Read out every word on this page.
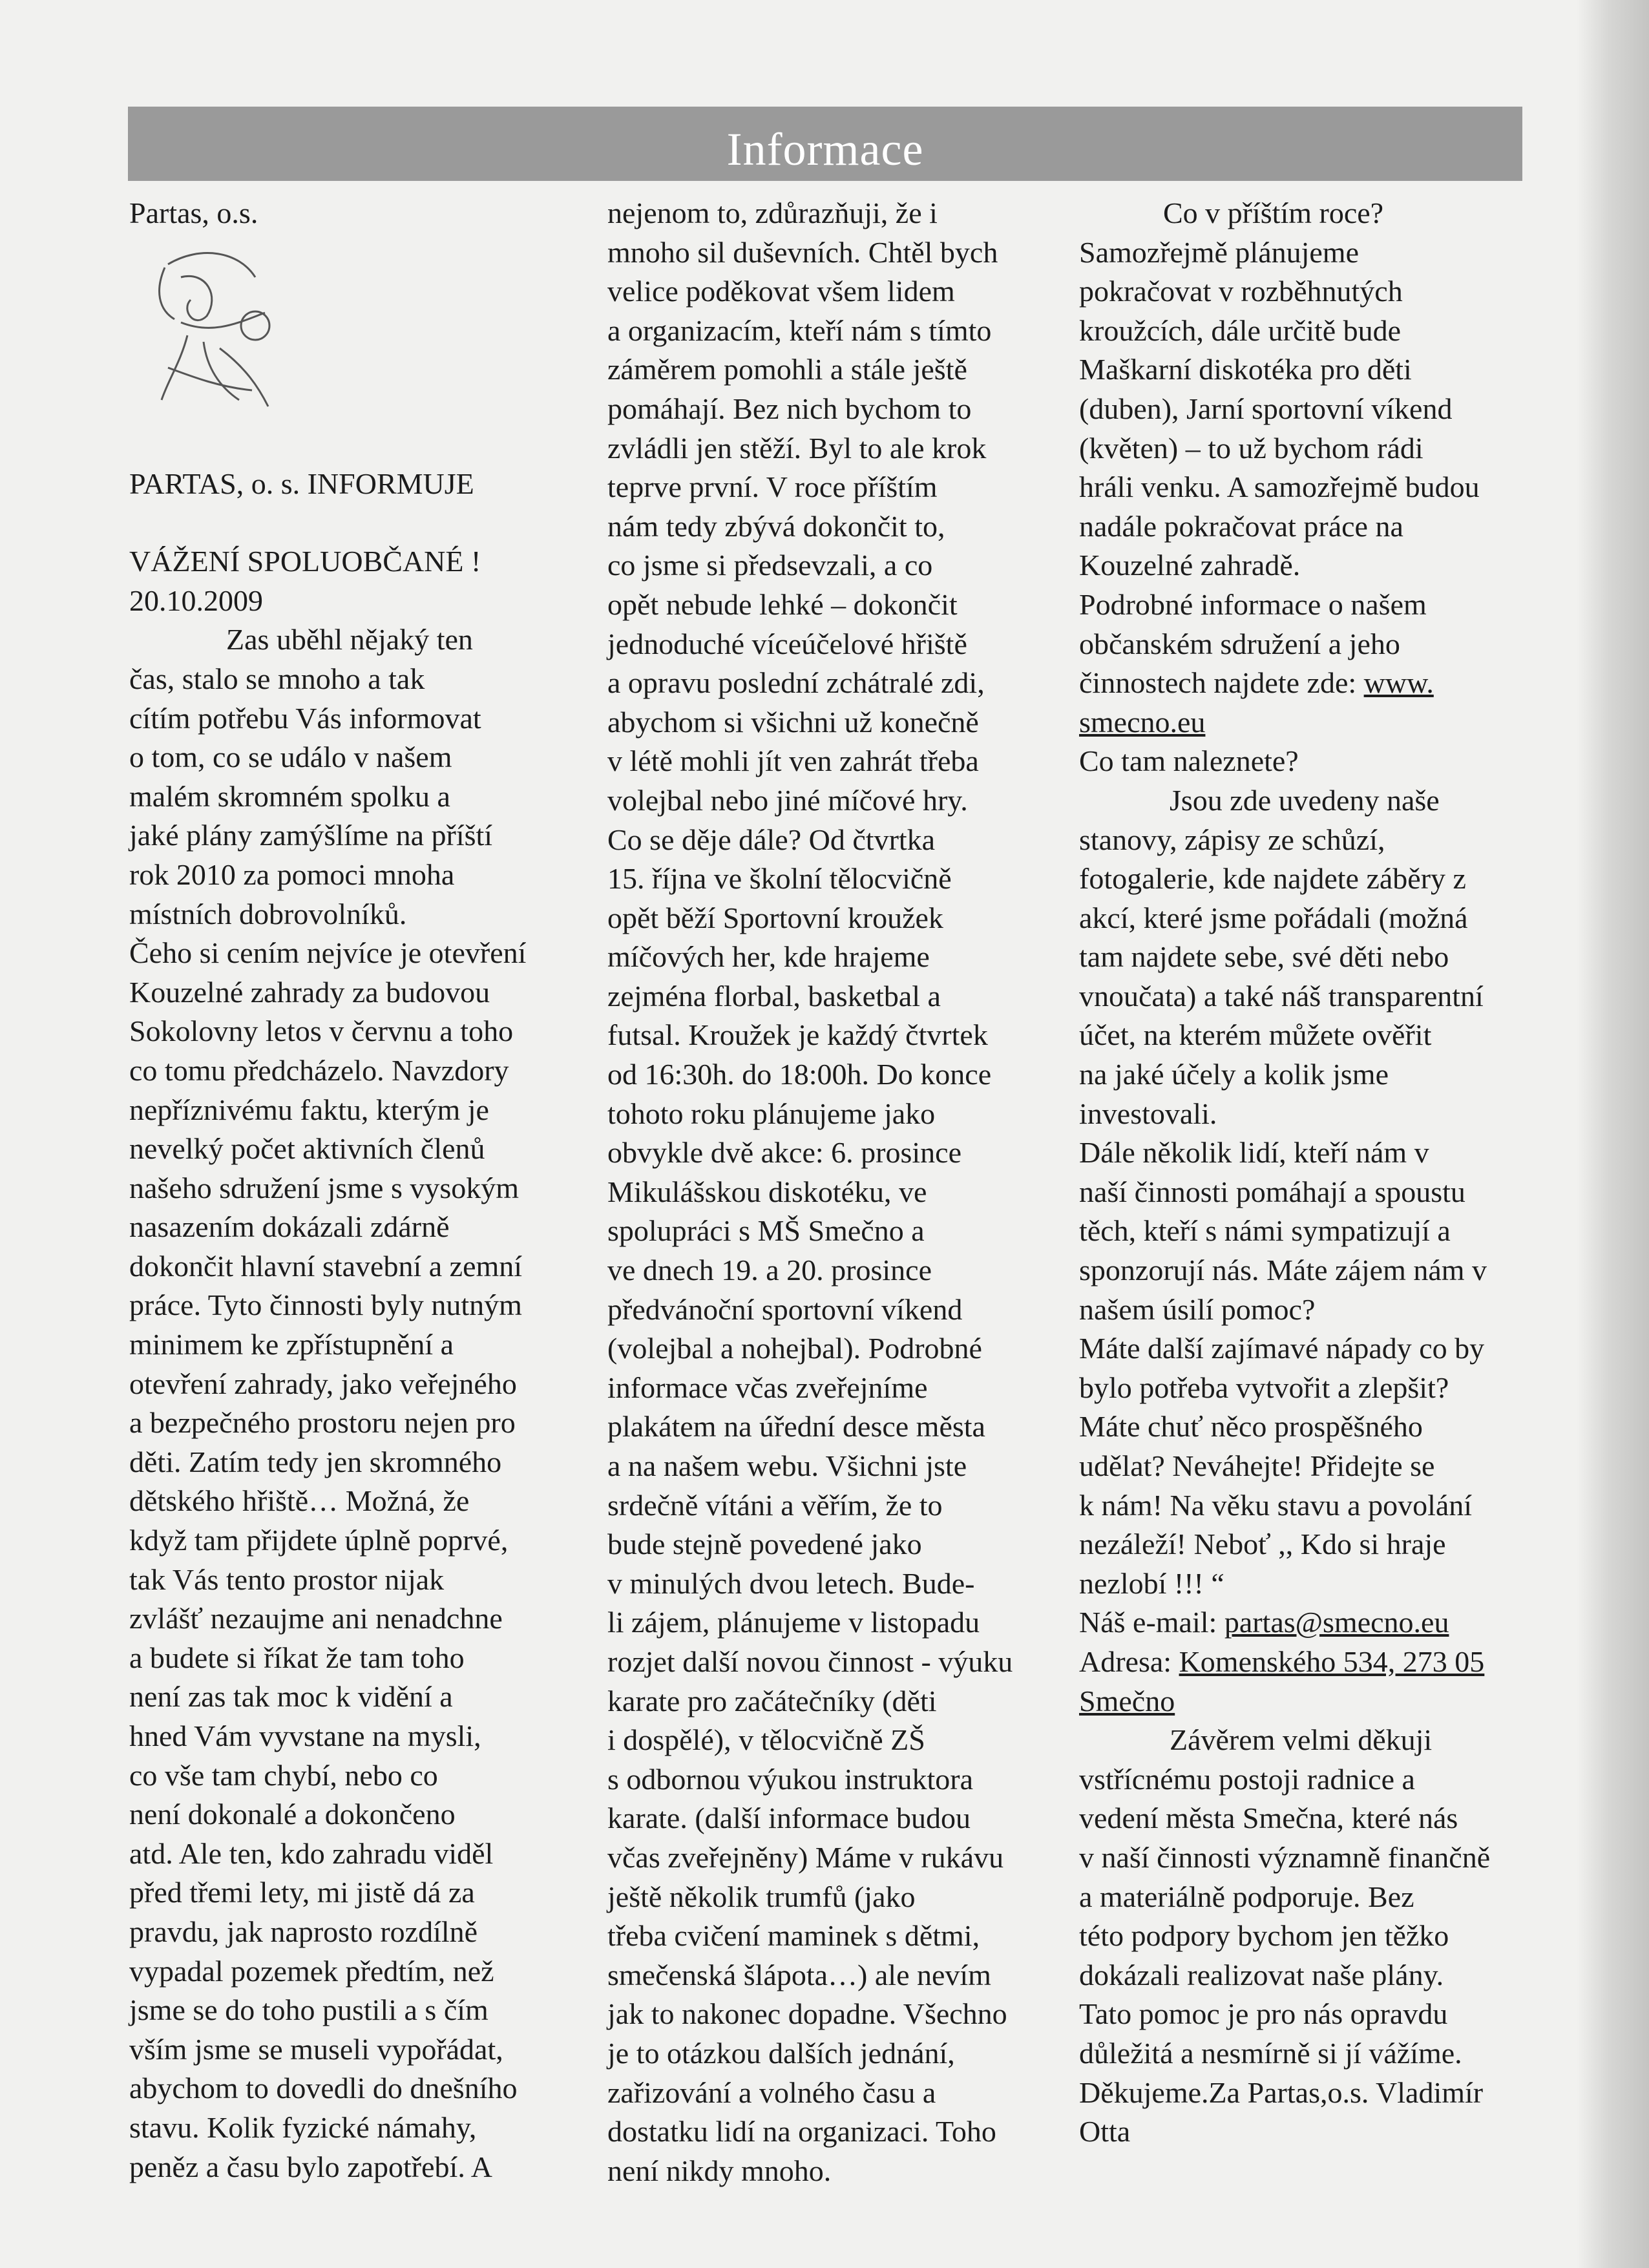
Informace

Partas, o.s.

PARTAS, o. s. INFORMUJE

VÁŽENÍ SPOLUOBČANÉ !

20.10.2009

Zas uběhl nějaký ten

čas, stalo se mnoho a tak

cítím potřebu Vás informovat

o tom, co se událo v našem

malém skromném spolku a

jaké plány zamýšlíme na příští

rok 2010 za pomoci mnoha

místních dobrovolníků.

Čeho si cením nejvíce je otevření

Kouzelné zahrady za budovou

Sokolovny letos v červnu a toho

co tomu předcházelo. Navzdory

nepříznivému faktu, kterým je

nevelký počet aktivních členů

našeho sdružení jsme s vysokým

nasazením dokázali zdárně

dokončit hlavní stavební a zemní

práce. Tyto činnosti byly nutným

minimem ke zpřístupnění a

otevření zahrady, jako veřejného

a bezpečného prostoru nejen pro

děti. Zatím tedy jen skromného

dětského hřiště… Možná, že

když tam přijdete úplně poprvé,

tak Vás tento prostor nijak

zvlášť nezaujme ani nenadchne

a budete si říkat že tam toho

není zas tak moc k vidění a

hned Vám vyvstane na mysli,

co vše tam chybí, nebo co

není dokonalé a dokončeno

atd. Ale ten, kdo zahradu viděl

před třemi lety, mi jistě dá za

pravdu, jak naprosto rozdílně

vypadal pozemek předtím, než

jsme se do toho pustili a s čím

vším jsme se museli vypořádat,

abychom to dovedli do dnešního

stavu. Kolik fyzické námahy,

peněz a času bylo zapotřebí. A

nejenom to, zdůrazňuji, že i

mnoho sil duševních. Chtěl bych

velice poděkovat všem lidem

a organizacím, kteří nám s tímto

záměrem pomohli a stále ještě

pomáhají. Bez nich bychom to

zvládli jen stěží. Byl to ale krok

teprve první. V roce příštím

nám tedy zbývá dokončit to,

co jsme si předsevzali, a co

opět nebude lehké – dokončit

jednoduché víceúčelové hřiště

a opravu poslední zchátralé zdi,

abychom si všichni už konečně

v létě mohli jít ven zahrát třeba

volejbal nebo jiné míčové hry.

Co se děje dále? Od čtvrtka

15. října ve školní tělocvičně

opět běží Sportovní kroužek

míčových her, kde hrajeme

zejména florbal, basketbal a

futsal. Kroužek je každý čtvrtek

od 16:30h. do 18:00h. Do konce

tohoto roku plánujeme jako

obvykle dvě akce: 6. prosince

Mikulášskou diskotéku, ve

spolupráci s MŠ Smečno a

ve dnech 19. a 20. prosince

předvánoční sportovní víkend

(volejbal a nohejbal). Podrobné

informace včas zveřejníme

plakátem na úřední desce města

a na našem webu. Všichni jste

srdečně vítáni a věřím, že to

bude stejně povedené jako

v minulých dvou letech. Bude-

li zájem, plánujeme v listopadu

rozjet další novou činnost - výuku

karate pro začátečníky (děti

i dospělé), v tělocvičně ZŠ

s odbornou výukou instruktora

karate. (další informace budou

včas zveřejněny) Máme v rukávu

ještě několik trumfů (jako

třeba cvičení maminek s dětmi,

smečenská šlápota…) ale nevím

jak to nakonec dopadne. Všechno

je to otázkou dalších jednání,

zařizování a volného času a

dostatku lidí na organizaci. Toho

není nikdy mnoho.

Co v příštím roce?

Samozřejmě plánujeme

pokračovat v rozběhnutých

kroužcích, dále určitě bude

Maškarní diskotéka pro děti

(duben), Jarní sportovní víkend

(květen) – to už bychom rádi

hráli venku. A samozřejmě budou

nadále pokračovat práce na

Kouzelné zahradě.

Podrobné informace o našem

občanském sdružení a jeho

činnostech najdete zde: www.

smecno.eu

Co tam naleznete?

Jsou zde uvedeny naše

stanovy, zápisy ze schůzí,

fotogalerie, kde najdete záběry z

akcí, které jsme pořádali (možná

tam najdete sebe, své děti nebo

vnoučata) a také náš transparentní

účet, na kterém můžete ověřit

na jaké účely a kolik jsme

investovali.

Dále několik lidí, kteří nám v

naší činnosti pomáhají a spoustu

těch, kteří s námi sympatizují a

sponzorují nás. Máte zájem nám v

našem úsilí pomoc?

Máte další zajímavé nápady co by

bylo potřeba vytvořit a zlepšit?

Máte chuť něco prospěšného

udělat? Neváhejte! Přidejte se

k nám! Na věku stavu a povolání

nezáleží! Neboť ,, Kdo si hraje

nezlobí !!! “

Náš e-mail: partas@smecno.eu

Adresa: Komenského 534, 273 05

Smečno

Závěrem velmi děkuji

vstřícnému postoji radnice a

vedení města Smečna, které nás

v naší činnosti významně finančně

a materiálně podporuje. Bez

této podpory bychom jen těžko

dokázali realizovat naše plány.

Tato pomoc je pro nás opravdu

důležitá a nesmírně si jí vážíme.

Děkujeme.Za Partas,o.s. Vladimír

Otta
